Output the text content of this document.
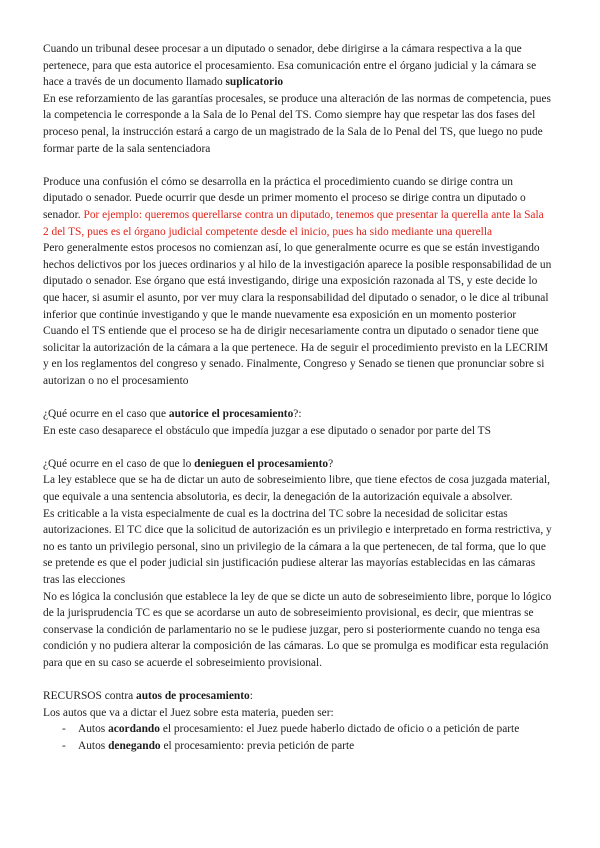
Cuando un tribunal desee procesar a un diputado o senador, debe dirigirse a la cámara respectiva a la que pertenece, para que esta autorice el procesamiento. Esa comunicación entre el órgano judicial y la cámara se hace a través de un documento llamado suplicatorio

En ese reforzamiento de las garantías procesales, se produce una alteración de las normas de competencia, pues la competencia le corresponde a la Sala de lo Penal del TS. Como siempre hay que respetar las dos fases del proceso penal, la instrucción estará a cargo de un magistrado de la Sala de lo Penal del TS, que luego no pude formar parte de la sala sentenciadora

Produce una confusión el cómo se desarrolla en la práctica el procedimiento cuando se dirige contra un diputado o senador. Puede ocurrir que desde un primer momento el proceso se dirige contra un diputado o senador. Por ejemplo: queremos querellarse contra un diputado, tenemos que presentar la querella ante la Sala 2 del TS, pues es el órgano judicial competente desde el inicio, pues ha sido mediante una querella

Pero generalmente estos procesos no comienzan así, lo que generalmente ocurre es que se están investigando hechos delictivos por los jueces ordinarios y al hilo de la investigación aparece la posible responsabilidad de un diputado o senador. Ese órgano que está investigando, dirige una exposición razonada al TS, y este decide lo que hacer, si asumir el asunto, por ver muy clara la responsabilidad del diputado o senador, o le dice al tribunal inferior que continúe investigando y que le mande nuevamente esa exposición en un momento posterior

Cuando el TS entiende que el proceso se ha de dirigir necesariamente contra un diputado o senador tiene que solicitar la autorización de la cámara a la que pertenece. Ha de seguir el procedimiento previsto en la LECRIM y en los reglamentos del congreso y senado. Finalmente, Congreso y Senado se tienen que pronunciar sobre si autorizan o no el procesamiento

¿Qué ocurre en el caso que autorice el procesamiento?:

En este caso desaparece el obstáculo que impedía juzgar a ese diputado o senador por parte del TS

¿Qué ocurre en el caso de que lo denieguen el procesamiento?

La ley establece que se ha de dictar un auto de sobreseimiento libre, que tiene efectos de cosa juzgada material, que equivale a una sentencia absolutoria, es decir, la denegación de la autorización equivale a absolver.

Es criticable a la vista especialmente de cual es la doctrina del TC sobre la necesidad de solicitar estas autorizaciones. El TC dice que la solicitud de autorización es un privilegio e interpretado en forma restrictiva, y no es tanto un privilegio personal, sino un privilegio de la cámara a la que pertenecen, de tal forma, que lo que se pretende es que el poder judicial sin justificación pudiese alterar las mayorías establecidas en las cámaras tras las elecciones

No es lógica la conclusión que establece la ley de que se dicte un auto de sobreseimiento libre, porque lo lógico de la jurisprudencia TC es que se acordarse un auto de sobreseimiento provisional, es decir, que mientras se conservase la condición de parlamentario no se le pudiese juzgar, pero si posteriormente cuando no tenga esa condición y no pudiera alterar la composición de las cámaras. Lo que se promulga es modificar esta regulación para que en su caso se acuerde el sobreseimiento provisional.

RECURSOS contra autos de procesamiento:

Los autos que va a dictar el Juez sobre esta materia, pueden ser:

- Autos acordando el procesamiento: el Juez puede haberlo dictado de oficio o a petición de parte
- Autos denegando el procesamiento: previa petición de parte
